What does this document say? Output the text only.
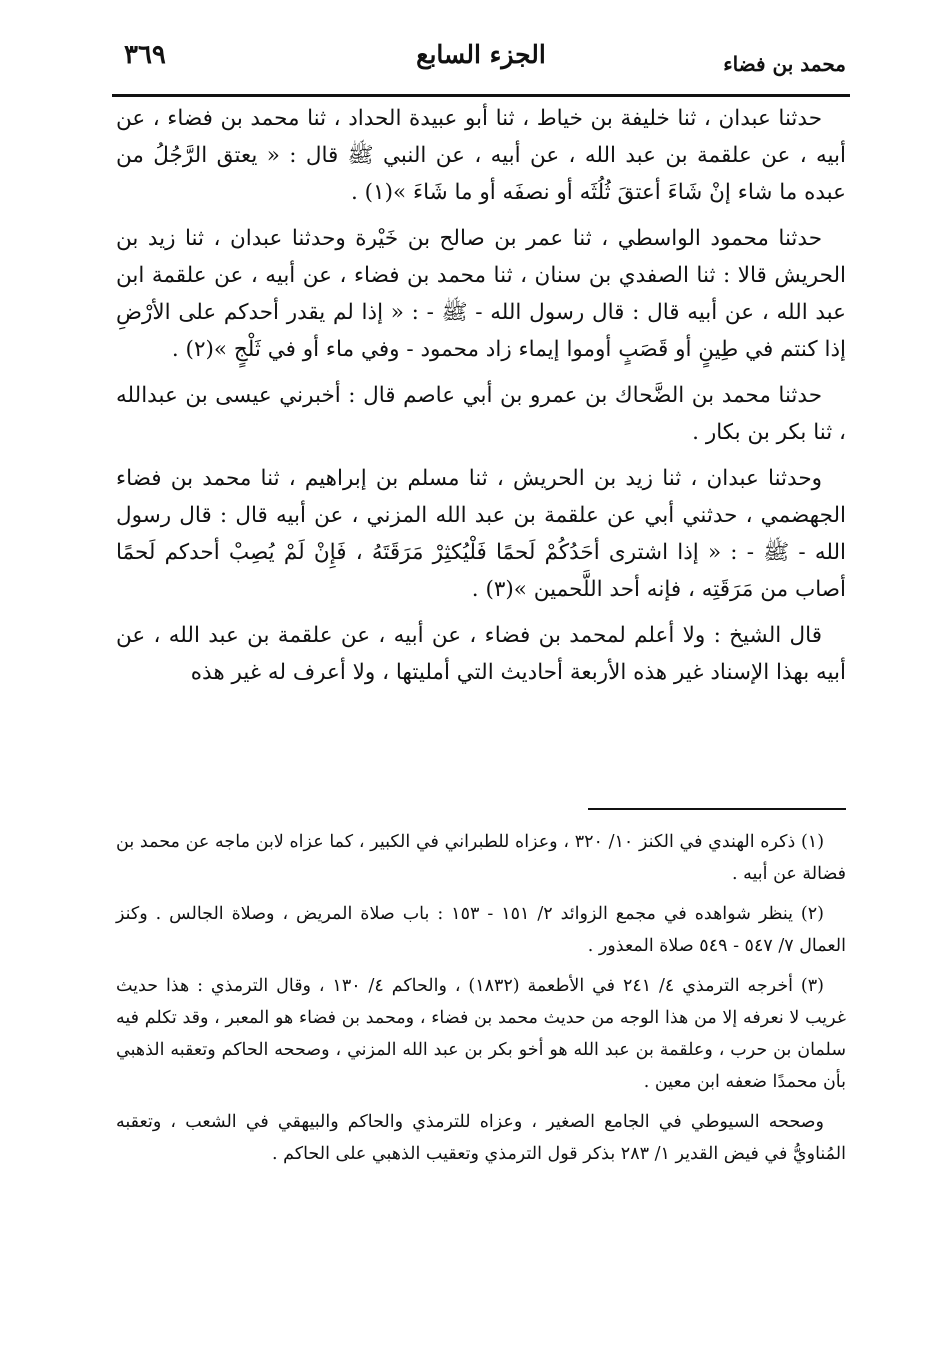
٣٦٩	الجزء السابع	محمد بن فضاء

حدثنا عبدان ، ثنا خليفة بن خياط ، ثنا أبو عبيدة الحداد ، ثنا محمد بن فضاء ، عن أبيه ، عن علقمة بن عبد الله ، عن أبيه ، عن النبي ﷺ قال : « يعتق الرَّجُلُ من عبده ما شاء إنْ شَاءَ أعتقَ ثُلُثَه أو نصفَه أو ما شَاءَ »(١) .

حدثنا محمود الواسطي ، ثنا عمر بن صالح بن خَيْرة وحدثنا عبدان ، ثنا زيد بن الحريش قالا : ثنا الصفدي بن سنان ، ثنا محمد بن فضاء ، عن أبيه ، عن علقمة ابن عبد الله ، عن أبيه قال : قال رسول الله - ﷺ - : « إذا لم يقدر أحدكم على الأرْضِ إذا كنتم في طِينٍ أو قَصَبٍ أوموا إيماء زاد محمود - وفي ماء أو في ثَلْجٍ »(٢) .

حدثنا محمد بن الضَّحاك بن عمرو بن أبي عاصم قال : أخبرني عيسى بن عبدالله ، ثنا بكر بن بكار .

وحدثنا عبدان ، ثنا زيد بن الحريش ، ثنا مسلم بن إبراهيم ، ثنا محمد بن فضاء الجهضمي ، حدثني أبي عن علقمة بن عبد الله المزني ، عن أبيه قال : قال رسول الله - ﷺ - : « إذا اشترى أحَدُكُمْ لَحمًا فَلْيُكثِرْ مَرَقَتَهُ ، فَإِنْ لَمْ يُصِبْ أحدكم لَحمًا أصاب من مَرَقَتِه ، فإنه أحد اللَّحمين »(٣) .

قال الشيخ : ولا أعلم لمحمد بن فضاء ، عن أبيه ، عن علقمة بن عبد الله ، عن أبيه بهذا الإسناد غير هذه الأربعة أحاديث التي أمليتها ، ولا أعرف له غير هذه

(١) ذكره الهندي في الكنز ١٠/ ٣٢٠ ، وعزاه للطبراني في الكبير ، كما عزاه لابن ماجه عن محمد بن فضالة عن أبيه .

(٢) ينظر شواهده في مجمع الزوائد ٢/ ١٥١ - ١٥٣ : باب صلاة المريض ، وصلاة الجالس . وكنز العمال ٧/ ٥٤٧ - ٥٤٩ صلاة المعذور .

(٣) أخرجه الترمذي ٤/ ٢٤١ في الأطعمة (١٨٣٢) ، والحاكم ٤/ ١٣٠ ، وقال الترمذي : هذا حديث غريب لا نعرفه إلا من هذا الوجه من حديث محمد بن فضاء ، ومحمد بن فضاء هو المعبر ، وقد تكلم فيه سلمان بن حرب ، وعلقمة بن عبد الله هو أخو بكر بن عبد الله المزني ، وصححه الحاكم وتعقبه الذهبي بأن محمدًا ضعفه ابن معين .

وصححه السيوطي في الجامع الصغير ، وعزاه للترمذي والحاكم والبيهقي في الشعب ، وتعقبه المُناويُّ في فيض القدير ١/ ٢٨٣ بذكر قول الترمذي وتعقيب الذهبي على الحاكم .
